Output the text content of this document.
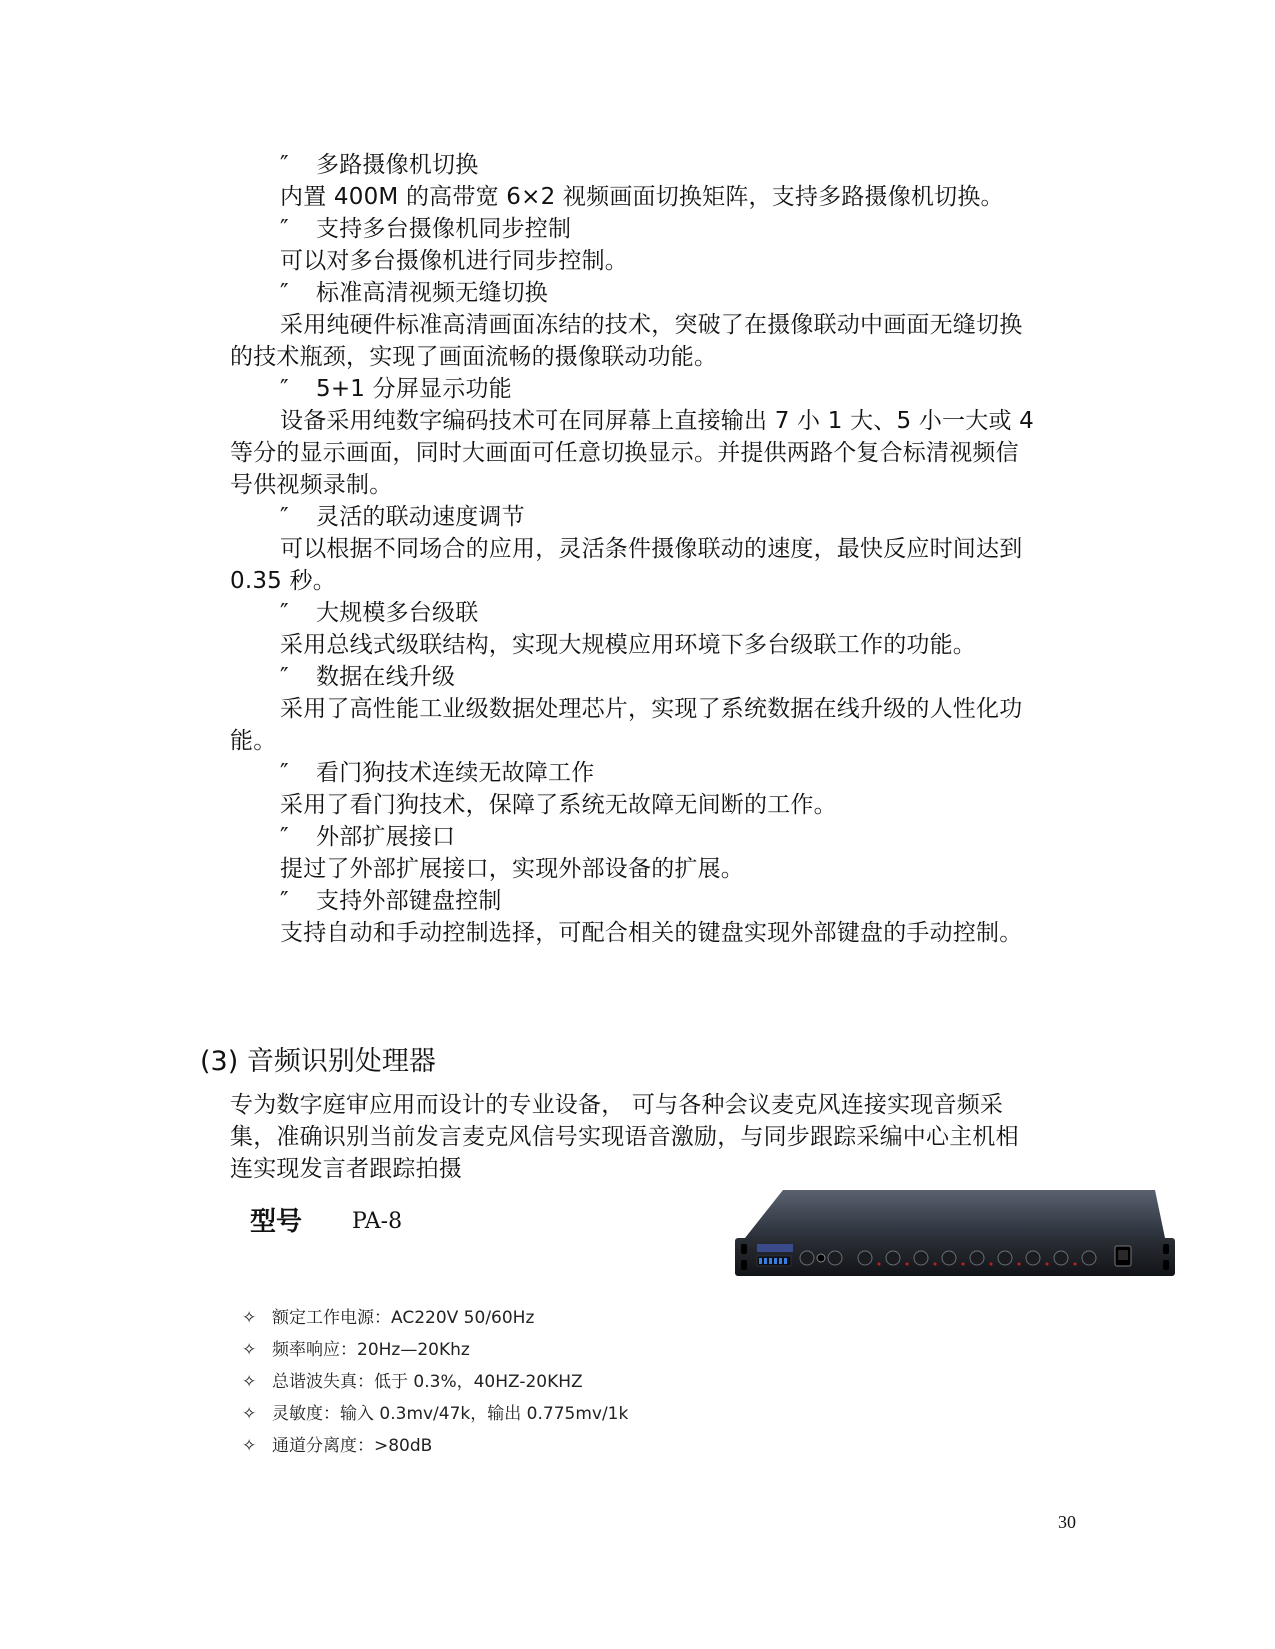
″ 多路摄像机切换
内置 400M 的高带宽 6×2 视频画面切换矩阵，支持多路摄像机切换。
″ 支持多台摄像机同步控制
可以对多台摄像机进行同步控制。
″ 标准高清视频无缝切换
采用纯硬件标准高清画面冻结的技术，突破了在摄像联动中画面无缝切换
的技术瓶颈，实现了画面流畅的摄像联动功能。
″ 5+1 分屏显示功能
设备采用纯数字编码技术可在同屏幕上直接输出 7 小 1 大、5 小一大或 4
等分的显示画面，同时大画面可任意切换显示。并提供两路个复合标清视频信
号供视频录制。
″ 灵活的联动速度调节
可以根据不同场合的应用，灵活条件摄像联动的速度，最快反应时间达到
0.35 秒。
″ 大规模多台级联
采用总线式级联结构，实现大规模应用环境下多台级联工作的功能。
″ 数据在线升级
采用了高性能工业级数据处理芯片，实现了系统数据在线升级的人性化功
能。
″ 看门狗技术连续无故障工作
采用了看门狗技术，保障了系统无故障无间断的工作。
″ 外部扩展接口
提过了外部扩展接口，实现外部设备的扩展。
″ 支持外部键盘控制
支持自动和手动控制选择，可配合相关的键盘实现外部键盘的手动控制。
(3) 音频识别处理器
专为数字庭审应用而设计的专业设备， 可与各种会议麦克风连接实现音频采
集，准确识别当前发言麦克风信号实现语音激励，与同步跟踪采编中心主机相
连实现发言者跟踪拍摄
型号 PA-8
✧ 额定工作电源：AC220V 50/60Hz
✧ 频率响应：20Hz—20Khz
✧ 总谐波失真：低于 0.3%，40HZ-20KHZ
✧ 灵敏度：输入 0.3mv/47k，输出 0.775mv/1k
✧ 通道分离度：>80dB
30
